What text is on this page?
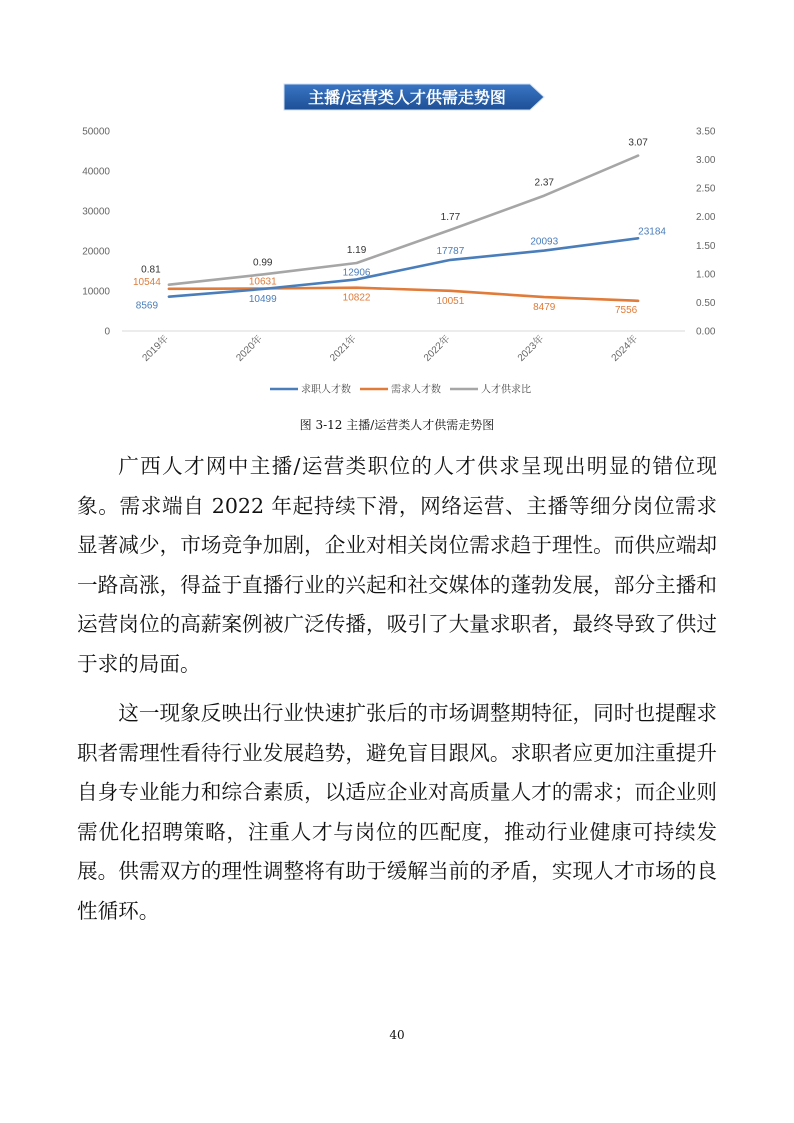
主播/运营类人才供需走势图
0
10000
20000
30000
40000
50000
0.00
0.50
1.00
1.50
2.00
2.50
3.00
3.50
2019年	2020年	2021年	2022年	2023年	2024年
8569
10499
12906
17787
20093
23184
10544	10631
10822	10051
8479	7556
0.81
0.99
1.19
1.77
2.37
3.07
求职人才数	需求人才数	人才供求比
图 3-12 主播/运营类人才供需走势图

广西人才网中主播/运营类职位的人才供求呈现出明显的错位现象。需求端自 2022 年起持续下滑，网络运营、主播等细分岗位需求显著减少，市场竞争加剧，企业对相关岗位需求趋于理性。而供应端却一路高涨，得益于直播行业的兴起和社交媒体的蓬勃发展，部分主播和运营岗位的高薪案例被广泛传播，吸引了大量求职者，最终导致了供过于求的局面。

这一现象反映出行业快速扩张后的市场调整期特征，同时也提醒求职者需理性看待行业发展趋势，避免盲目跟风。求职者应更加注重提升自身专业能力和综合素质，以适应企业对高质量人才的需求；而企业则需优化招聘策略，注重人才与岗位的匹配度，推动行业健康可持续发展。供需双方的理性调整将有助于缓解当前的矛盾，实现人才市场的良性循环。

40
